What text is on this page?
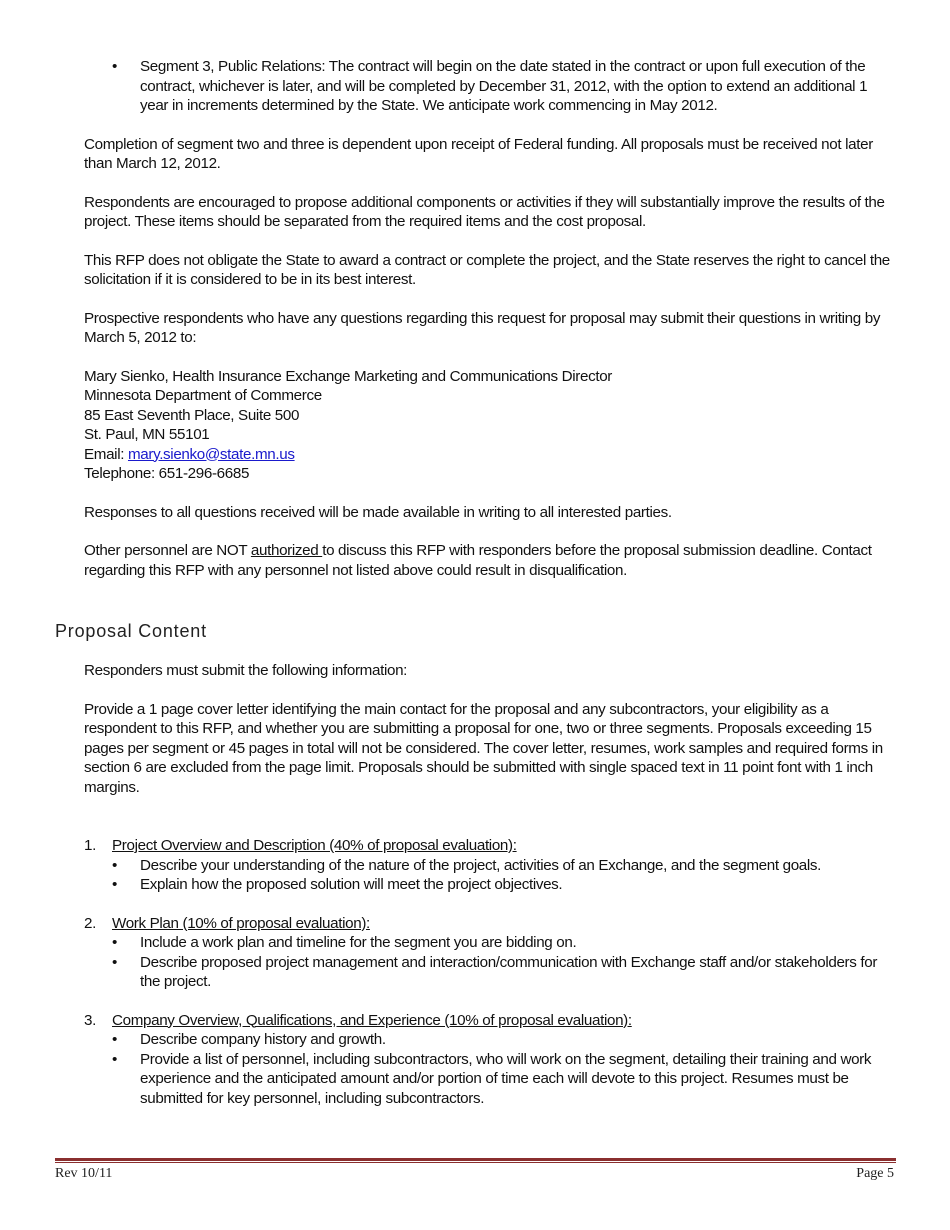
• Segment 3, Public Relations: The contract will begin on the date stated in the contract or upon full execution of the contract, whichever is later, and will be completed by December 31, 2012, with the option to extend an additional 1 year in increments determined by the State. We anticipate work commencing in May 2012.

Completion of segment two and three is dependent upon receipt of Federal funding. All proposals must be received not later than March 12, 2012.

Respondents are encouraged to propose additional components or activities if they will substantially improve the results of the project. These items should be separated from the required items and the cost proposal.

This RFP does not obligate the State to award a contract or complete the project, and the State reserves the right to cancel the solicitation if it is considered to be in its best interest.

Prospective respondents who have any questions regarding this request for proposal may submit their questions in writing by March 5, 2012 to:

Mary Sienko, Health Insurance Exchange Marketing and Communications Director
Minnesota Department of Commerce
85 East Seventh Place, Suite 500
St. Paul, MN 55101
Email: mary.sienko@state.mn.us
Telephone: 651-296-6685

Responses to all questions received will be made available in writing to all interested parties.

Other personnel are NOT authorized to discuss this RFP with responders before the proposal submission deadline. Contact regarding this RFP with any personnel not listed above could result in disqualification.

Proposal Content

Responders must submit the following information:

Provide a 1 page cover letter identifying the main contact for the proposal and any subcontractors, your eligibility as a respondent to this RFP, and whether you are submitting a proposal for one, two or three segments. Proposals exceeding 15 pages per segment or 45 pages in total will not be considered. The cover letter, resumes, work samples and required forms in section 6 are excluded from the page limit. Proposals should be submitted with single spaced text in 11 point font with 1 inch margins.

1. Project Overview and Description (40% of proposal evaluation):
• Describe your understanding of the nature of the project, activities of an Exchange, and the segment goals.
• Explain how the proposed solution will meet the project objectives.
2. Work Plan (10% of proposal evaluation):
• Include a work plan and timeline for the segment you are bidding on.
• Describe proposed project management and interaction/communication with Exchange staff and/or stakeholders for the project.
3. Company Overview, Qualifications, and Experience (10% of proposal evaluation):
• Describe company history and growth.
• Provide a list of personnel, including subcontractors, who will work on the segment, detailing their training and work experience and the anticipated amount and/or portion of time each will devote to this project. Resumes must be submitted for key personnel, including subcontractors.
Rev 10/11	Page 5
